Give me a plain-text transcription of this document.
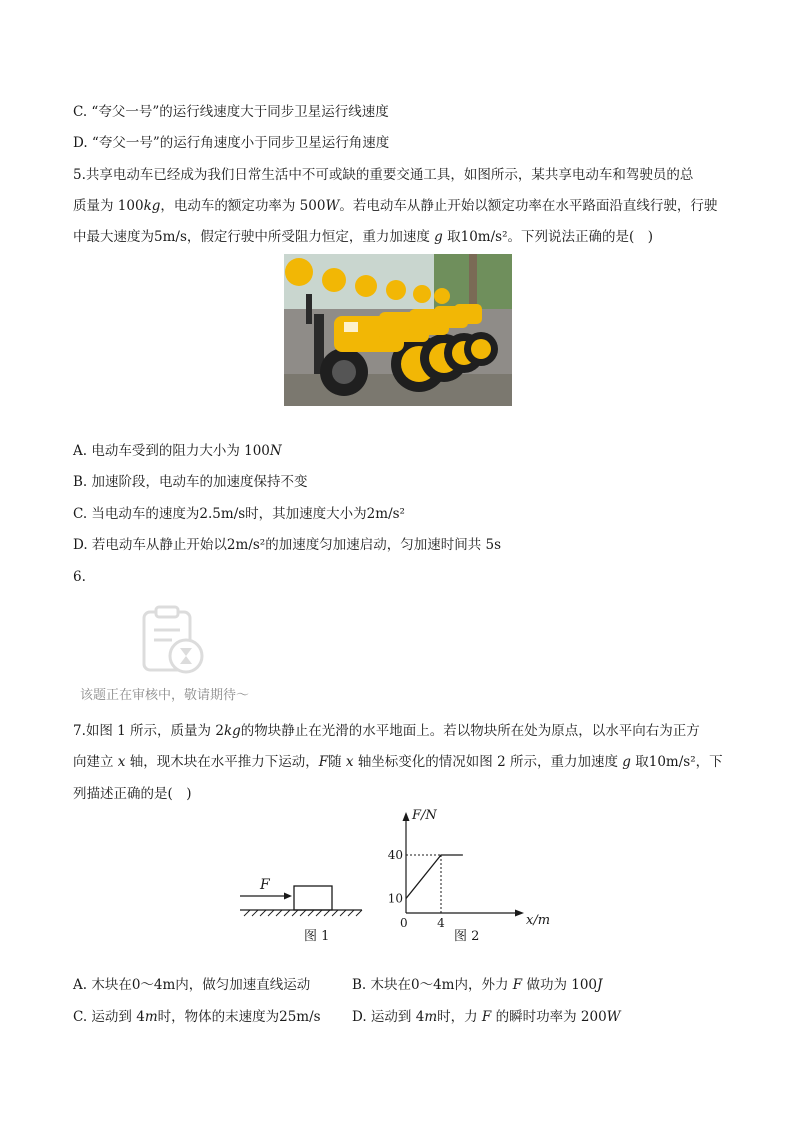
C. “夸父一号”的运行线速度大于同步卫星运行线速度
D. “夸父一号”的运行角速度小于同步卫星运行角速度
5.共享电动车已经成为我们日常生活中不可或缺的重要交通工具，如图所示，某共享电动车和驾驶员的总
质量为 100kg，电动车的额定功率为 500W。若电动车从静止开始以额定功率在水平路面沿直线行驶，行驶
中最大速度为5m/s，假定行驶中所受阻力恒定，重力加速度 g 取10m/s²。下列说法正确的是(　)
A. 电动车受到的阻力大小为 100N
B. 加速阶段，电动车的加速度保持不变
C. 当电动车的速度为2.5m/s时，其加速度大小为2m/s²
D. 若电动车从静止开始以2m/s²的加速度匀加速启动，匀加速时间共 5s
6.
该题正在审核中，敬请期待～
7.如图 1 所示，质量为 2kg的物块静止在光滑的水平地面上。若以物块所在处为原点，以水平向右为正方
向建立 x 轴，现木块在水平推力下运动，F随 x 轴坐标变化的情况如图 2 所示，重力加速度 g 取10m/s²，下
列描述正确的是(　)
F
图 1
F/N
x/m
0 4
10
40
图 2
A. 木块在0～4m内，做匀加速直线运动	B. 木块在0～4m内，外力 F 做功为 100J
C. 运动到 4m时，物体的末速度为25m/s D. 运动到 4m时，力 F 的瞬时功率为 200W
